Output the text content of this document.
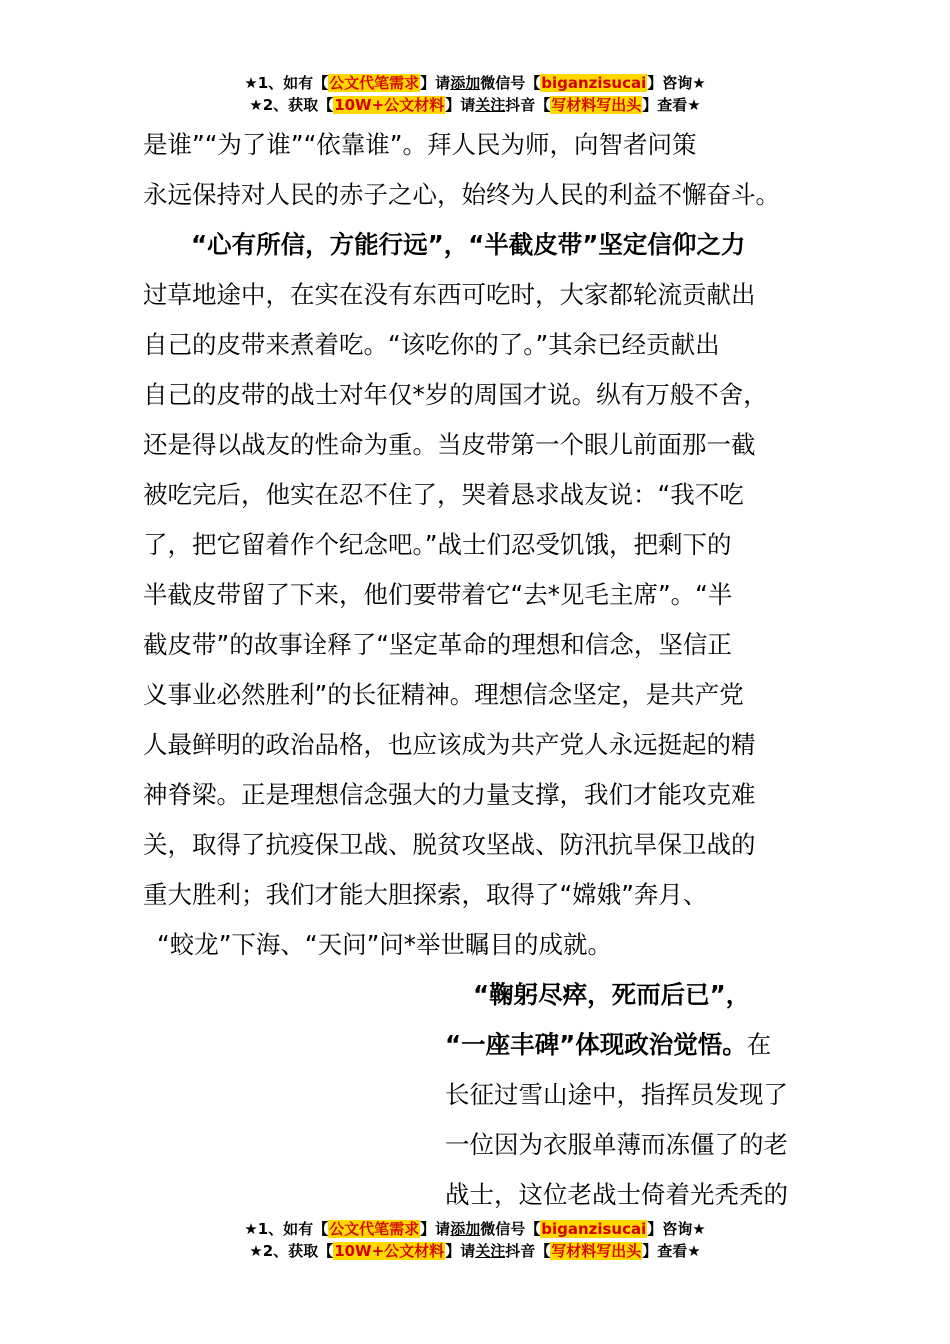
★1、如有【公文代笔需求】请添加微信号【biganzisucai】咨询★
★2、获取【10W+公文材料】请关注抖音【写材料写出头】查看★
是谁”“为了谁”“依靠谁”。拜人民为师，向智者问策
永远保持对人民的赤子之心，始终为人民的利益不懈奋斗。
“心有所信，方能行远”，“半截皮带”坚定信仰之力
过草地途中，在实在没有东西可吃时，大家都轮流贡献出
自己的皮带来煮着吃。“该吃你的了。”其余已经贡献出
自己的皮带的战士对年仅*岁的周国才说。纵有万般不舍，
还是得以战友的性命为重。当皮带第一个眼儿前面那一截
被吃完后，他实在忍不住了，哭着恳求战友说：“我不吃
了，把它留着作个纪念吧。”战士们忍受饥饿，把剩下的
半截皮带留了下来，他们要带着它“去*见毛主席”。“半
截皮带”的故事诠释了“坚定革命的理想和信念，坚信正
义事业必然胜利”的长征精神。理想信念坚定，是共产党
人最鲜明的政治品格，也应该成为共产党人永远挺起的精
神脊梁。正是理想信念强大的力量支撑，我们才能攻克难
关，取得了抗疫保卫战、脱贫攻坚战、防汛抗旱保卫战的
重大胜利；我们才能大胆探索，取得了“嫦娥”奔月、
“蛟龙”下海、“天问”问*举世瞩目的成就。
“鞠躬尽瘁，死而后已”，
“一座丰碑”体现政治觉悟。在
长征过雪山途中，指挥员发现了
一位因为衣服单薄而冻僵了的老
战士，这位老战士倚着光秃秃的
★1、如有【公文代笔需求】请添加微信号【biganzisucai】咨询★
★2、获取【10W+公文材料】请关注抖音【写材料写出头】查看★
